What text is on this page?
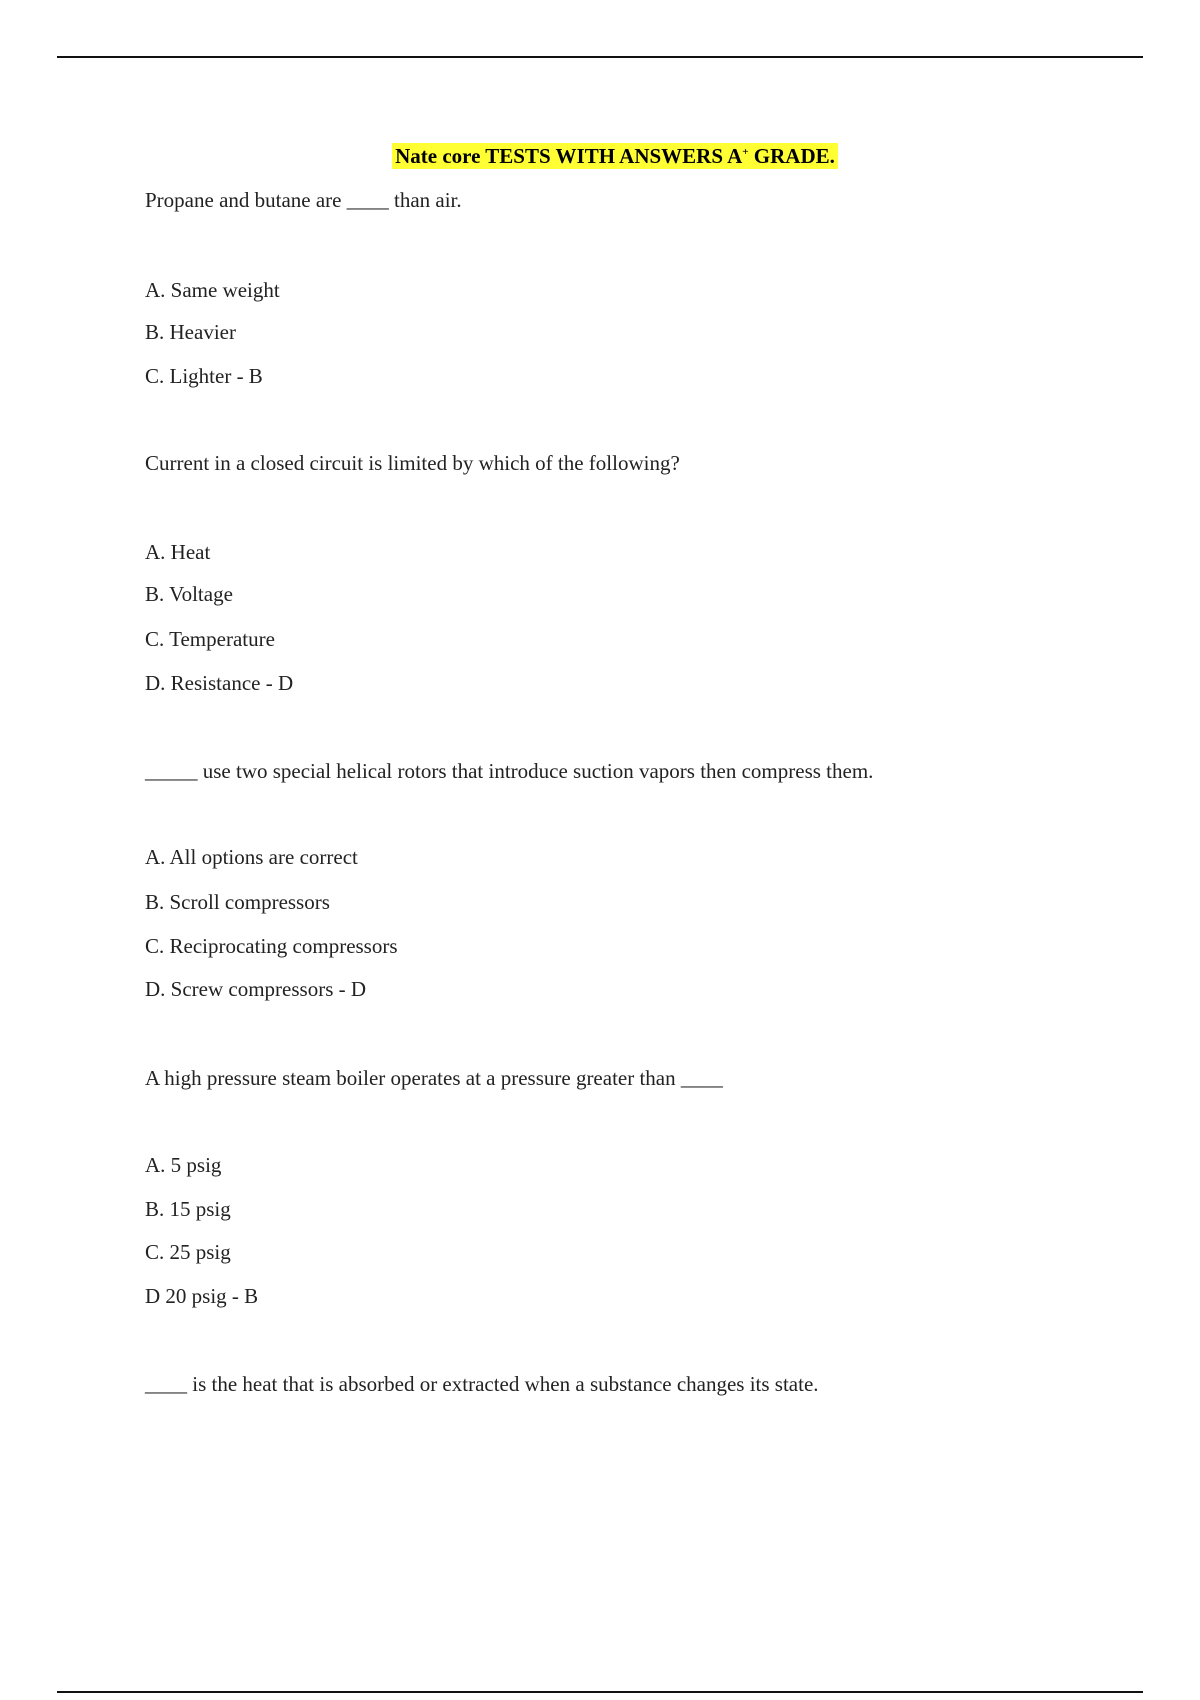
Nate core TESTS WITH ANSWERS A+ GRADE.
Propane and butane are ____ than air.
A. Same weight
B. Heavier
C. Lighter - B
Current in a closed circuit is limited by which of the following?
A. Heat
B. Voltage
C. Temperature
D. Resistance - D
_____ use two special helical rotors that introduce suction vapors then compress them.
A. All options are correct
B. Scroll compressors
C. Reciprocating compressors
D. Screw compressors - D
A high pressure steam boiler operates at a pressure greater than ____
A. 5 psig
B. 15 psig
C. 25 psig
D 20 psig - B
____ is the heat that is absorbed or extracted when a substance changes its state.
